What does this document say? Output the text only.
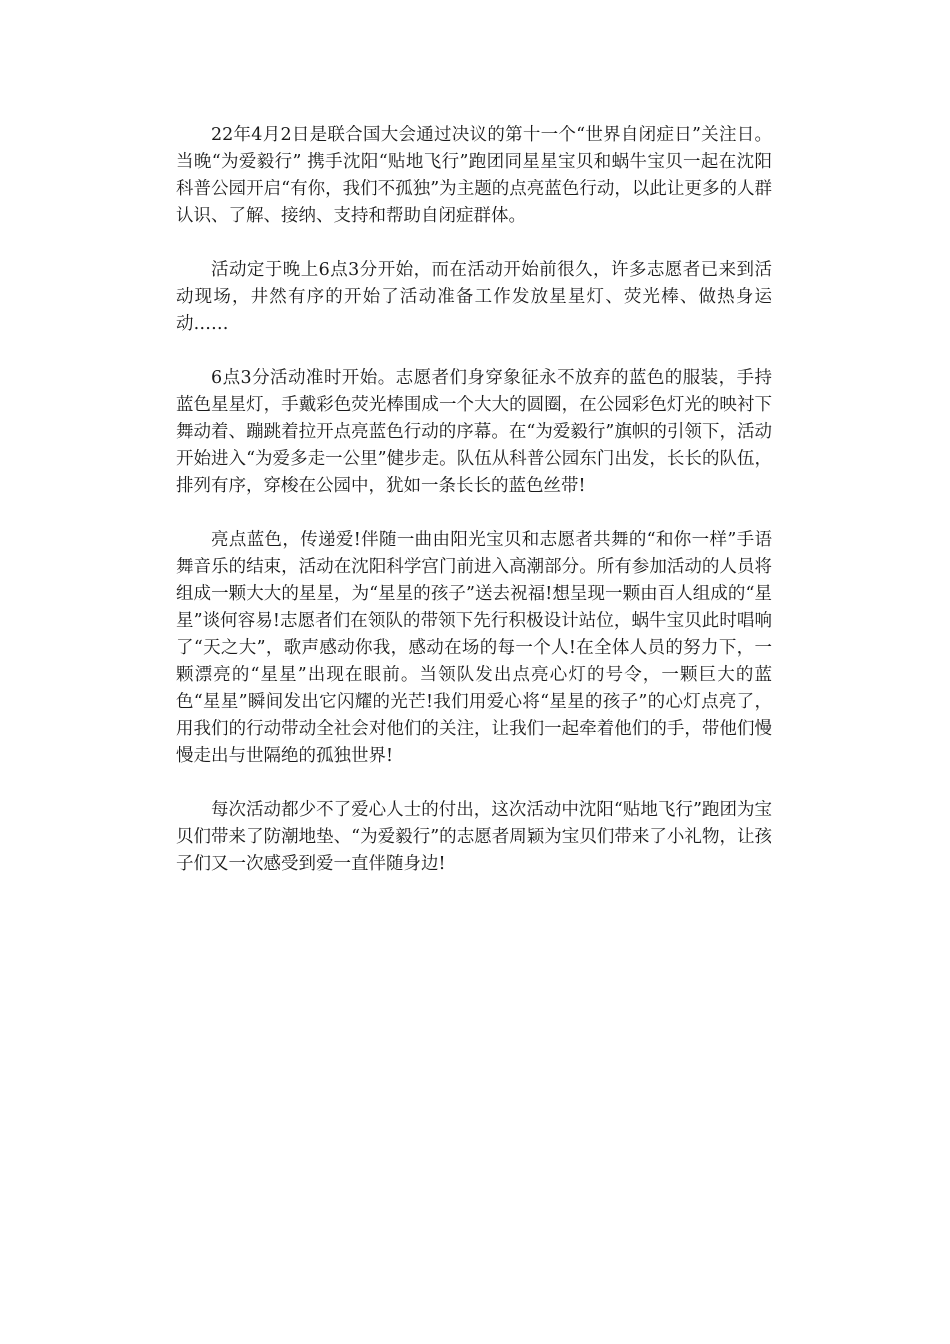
22年4月2日是联合国大会通过决议的第十一个“世界自闭症日”关注日。当晚“为爱毅行” 携手沈阳“贴地飞行”跑团同星星宝贝和蜗牛宝贝一起在沈阳科普公园开启“有你，我们不孤独”为主题的点亮蓝色行动，以此让更多的人群认识、了解、接纳、支持和帮助自闭症群体。

活动定于晚上6点3分开始，而在活动开始前很久，许多志愿者已来到活动现场，井然有序的开始了活动准备工作发放星星灯、荧光棒、做热身运动……

6点3分活动准时开始。志愿者们身穿象征永不放弃的蓝色的服装，手持蓝色星星灯，手戴彩色荧光棒围成一个大大的圆圈，在公园彩色灯光的映衬下舞动着、蹦跳着拉开点亮蓝色行动的序幕。在“为爱毅行”旗帜的引领下，活动开始进入“为爱多走一公里”健步走。队伍从科普公园东门出发，长长的队伍，排列有序，穿梭在公园中，犹如一条长长的蓝色丝带!

亮点蓝色，传递爱!伴随一曲由阳光宝贝和志愿者共舞的“和你一样”手语舞音乐的结束，活动在沈阳科学宫门前进入高潮部分。所有参加活动的人员将组成一颗大大的星星，为“星星的孩子”送去祝福!想呈现一颗由百人组成的“星星”谈何容易!志愿者们在领队的带领下先行积极设计站位，蜗牛宝贝此时唱响了“天之大”，歌声感动你我，感动在场的每一个人!在全体人员的努力下，一颗漂亮的“星星”出现在眼前。当领队发出点亮心灯的号令，一颗巨大的蓝色“星星”瞬间发出它闪耀的光芒!我们用爱心将“星星的孩子”的心灯点亮了，用我们的行动带动全社会对他们的关注，让我们一起牵着他们的手，带他们慢慢走出与世隔绝的孤独世界!

每次活动都少不了爱心人士的付出，这次活动中沈阳“贴地飞行”跑团为宝贝们带来了防潮地垫、“为爱毅行”的志愿者周颖为宝贝们带来了小礼物，让孩子们又一次感受到爱一直伴随身边!
